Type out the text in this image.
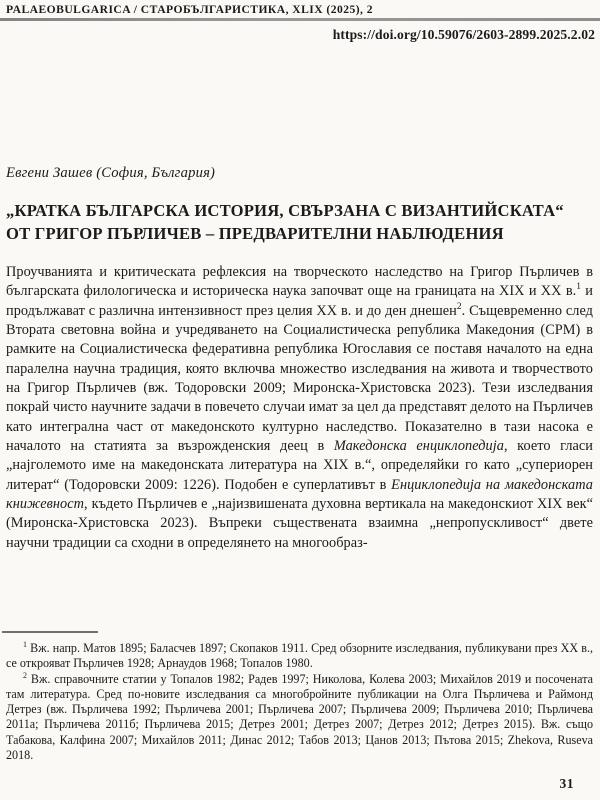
PALAEOBULGARICA / СТАРОБЪЛГАРИСТИКА, XLIX (2025), 2
https://doi.org/10.59076/2603-2899.2025.2.02
Евгени Зашев (София, България)
„КРАТКА БЪЛГАРСКА ИСТОРИЯ, СВЪРЗАНА С ВИЗАНТИЙСКАТА“
ОТ ГРИГОР ПЪРЛИЧЕВ – ПРЕДВАРИТЕЛНИ НАБЛЮДЕНИЯ
Проучванията и критическата рефлексия на творческото наследство на Григор Пърличев в българската филологическа и историческа наука започват още на границата на XIX и XX в.$^1$ и продължават с различна интензивност през целия XX в. и до ден днешен$^2$. Същевременно след Втората световна война и учредяването на Социалистическа република Македония (СРМ) в рамките на Социалистическа федеративна република Югославия се поставя началото на една паралелна научна традиция, която включва множество изследвания на живота и творчеството на Григор Пърличев (вж. Тодоровски 2009; Миронска-Христовска 2023). Тези изследвания покрай чисто научните задачи в повечето случаи имат за цел да представят делото на Пърличев като интегрална част от македонското културно наследство. Показателно в тази насока е началото на статията за възрожденския деец в Македонска енциклопедија, което гласи „најголемото име на македонската литература на XIX в.“, определяйки го като „супериорен литерат“ (Тодоровски 2009: 1226). Подобен е суперлативът в Енциклопедија на македонската книжевност, където Пърличев е „најизвишената духовна вертикала на македонскиот XIX век“ (Миронска-Христовска 2023). Въпреки съществената взаимна „непропускливост“ двете научни традиции са сходни в определянето на многообраз-
$^1$ Вж. напр. Матов 1895; Баласчев 1897; Скопаков 1911. Сред обзорните изследвания, публикувани през XX в., се открояват Пърличев 1928; Арнаудов 1968; Топалов 1980.
$^2$ Вж. справочните статии у Топалов 1982; Радев 1997; Николова, Колева 2003; Михайлов 2019 и посочената там литература. Сред по-новите изследвания са многобройните публикации на Олга Пърличева и Раймонд Детрез (вж. Пърличева 1992; Пърличева 2001; Пърличева 2007; Пърличева 2009; Пърличева 2010; Пърличева 2011а; Пърличева 2011б; Пърличева 2015; Детрез 2001; Детрез 2007; Детрез 2012; Детрез 2015). Вж. също Табакова, Калфина 2007; Михайлов 2011; Динас 2012; Табов 2013; Цанов 2013; Пътова 2015; Zhekova, Ruseva 2018.
31
